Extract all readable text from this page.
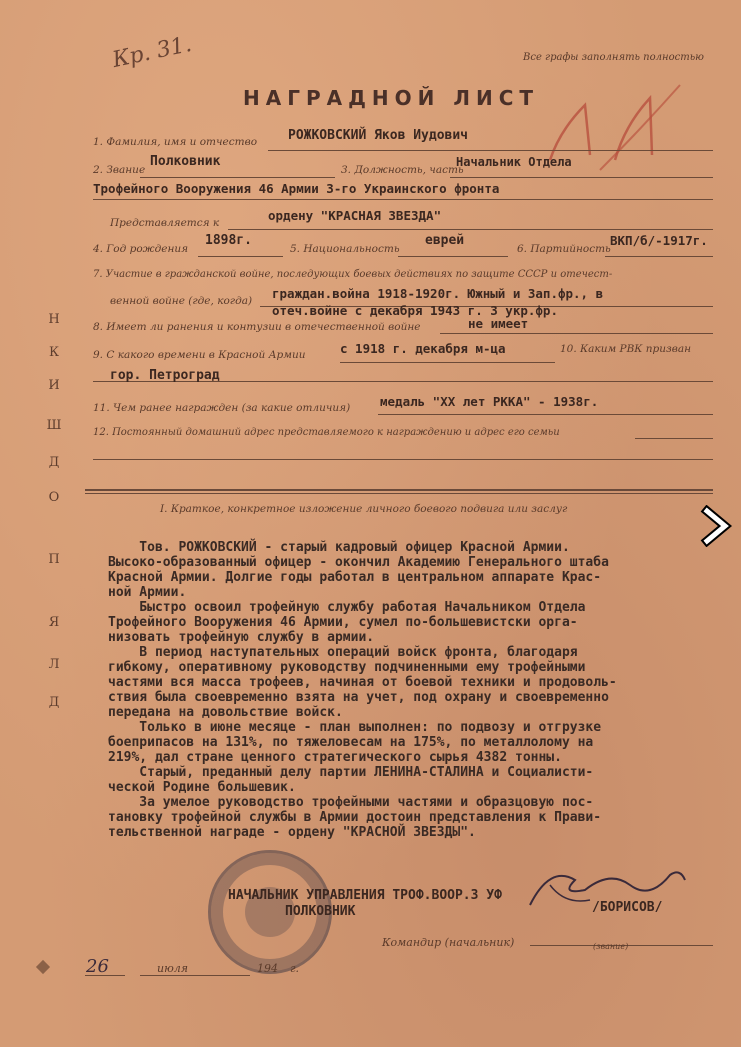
Все графы заполнять полностью
Кр. 31.
НАГРАДНОЙ ЛИСТ
1. Фамилия, имя и отчество РОЖКОВСКИЙ Яков Иудович
2. Звание
Полковник
3. Должность, часть
Начальник Отдела
Трофейного Вооружения 46 Армии 3-го Украинского фронта
Представляется к	ордену "КРАСНАЯ ЗВЕЗДА"
4. Год рождения
1898г.
5. Национальность
еврей
6. Партийность
ВКП/б/-1917г.
7. Участие в гражданской войне, последующих боевых действиях по защите СССР и отечест-
венной войне (где, когда) граждан.война 1918-1920г. Южный и Зап.фр., в
отеч.войне с декабря 1943 г. 3 укр.фр.
8. Имеет ли ранения и контузии в отечественной войне	не имеет
9. С какого времени в Красной Армии	с 1918 г. декабря м-ца	10. Каким РВК призван
гор. Петроград
11. Чем ранее награжден (за какие отличия) медаль "XX лет РККА" - 1938г.
12. Постоянный домашний адрес представляемого к награждению и адрес его семьи
I. Краткое, конкретное изложение личного боевого подвига или заслуг
Н
К
И
Ш
Д
О
П
Я
Л
Д
Тов. РОЖКОВСКИЙ - старый кадровый офицер Красной Армии.
Высоко-образованный офицер - окончил Академию Генерального штаба
Красной Армии. Долгие годы работал в центральном аппарате Крас-
ной Армии.
Быстро освоил трофейную службу работая Начальником Отдела
Трофейного Вооружения 46 Армии, сумел по-большевистски орга-
низовать трофейную службу в армии.
В период наступательных операций войск фронта, благодаря
гибкому, оперативному руководству подчиненными ему трофейными
частями вся масса трофеев, начиная от боевой техники и продоволь-
ствия была своевременно взята на учет, под охрану и своевременно
передана на довольствие войск.
Только в июне месяце - план выполнен: по подвозу и отгрузке
боеприпасов на 131%, по тяжеловесам на 175%, по металлолому на
219%, дал стране ценного стратегического сырья 4382 тонны.
Старый, преданный делу партии ЛЕНИНА-СТАЛИНА и Социалисти-
ческой Родине большевик.
За умелое руководство трофейными частями и образцовую пос-
тановку трофейной службы в Армии достоин представления к Прави-
тельственной награде - ордену "КРАСНОЙ ЗВЕЗДЫ".
НАЧАЛЬНИК УПРАВЛЕНИЯ ТРОФ.ВООР.З УФ
ПОЛКОВНИК	/БОРИСОВ/
Командир (начальник)	(звание)
26	июля	194 г.
